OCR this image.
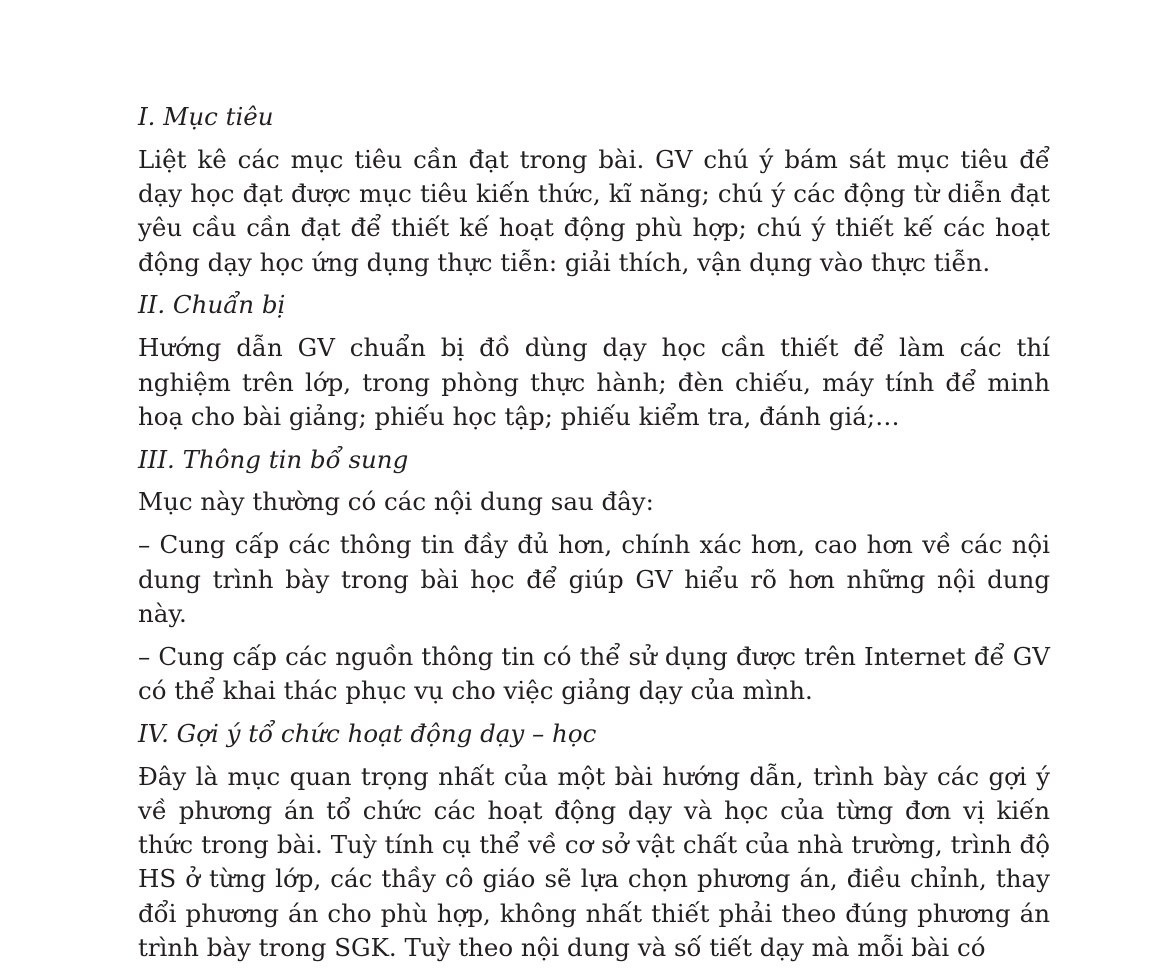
I. Mục tiêu

Liệt kê các mục tiêu cần đạt trong bài. GV chú ý bám sát mục tiêu để dạy học đạt được mục tiêu kiến thức, kĩ năng; chú ý các động từ diễn đạt yêu cầu cần đạt để thiết kế hoạt động phù hợp; chú ý thiết kế các hoạt động dạy học ứng dụng thực tiễn: giải thích, vận dụng vào thực tiễn.

II. Chuẩn bị

Hướng dẫn GV chuẩn bị đồ dùng dạy học cần thiết để làm các thí nghiệm trên lớp, trong phòng thực hành; đèn chiếu, máy tính để minh hoạ cho bài giảng; phiếu học tập; phiếu kiểm tra, đánh giá;…

III. Thông tin bổ sung

Mục này thường có các nội dung sau đây:

– Cung cấp các thông tin đầy đủ hơn, chính xác hơn, cao hơn về các nội dung trình bày trong bài học để giúp GV hiểu rõ hơn những nội dung này.

– Cung cấp các nguồn thông tin có thể sử dụng được trên Internet để GV có thể khai thác phục vụ cho việc giảng dạy của mình.

IV. Gợi ý tổ chức hoạt động dạy – học

Đây là mục quan trọng nhất của một bài hướng dẫn, trình bày các gợi ý về phương án tổ chức các hoạt động dạy và học của từng đơn vị kiến thức trong bài. Tuỳ tính cụ thể về cơ sở vật chất của nhà trường, trình độ HS ở từng lớp, các thầy cô giáo sẽ lựa chọn phương án, điều chỉnh, thay đổi phương án cho phù hợp, không nhất thiết phải theo đúng phương án trình bày trong SGK. Tuỳ theo nội dung và số tiết dạy mà mỗi bài có
